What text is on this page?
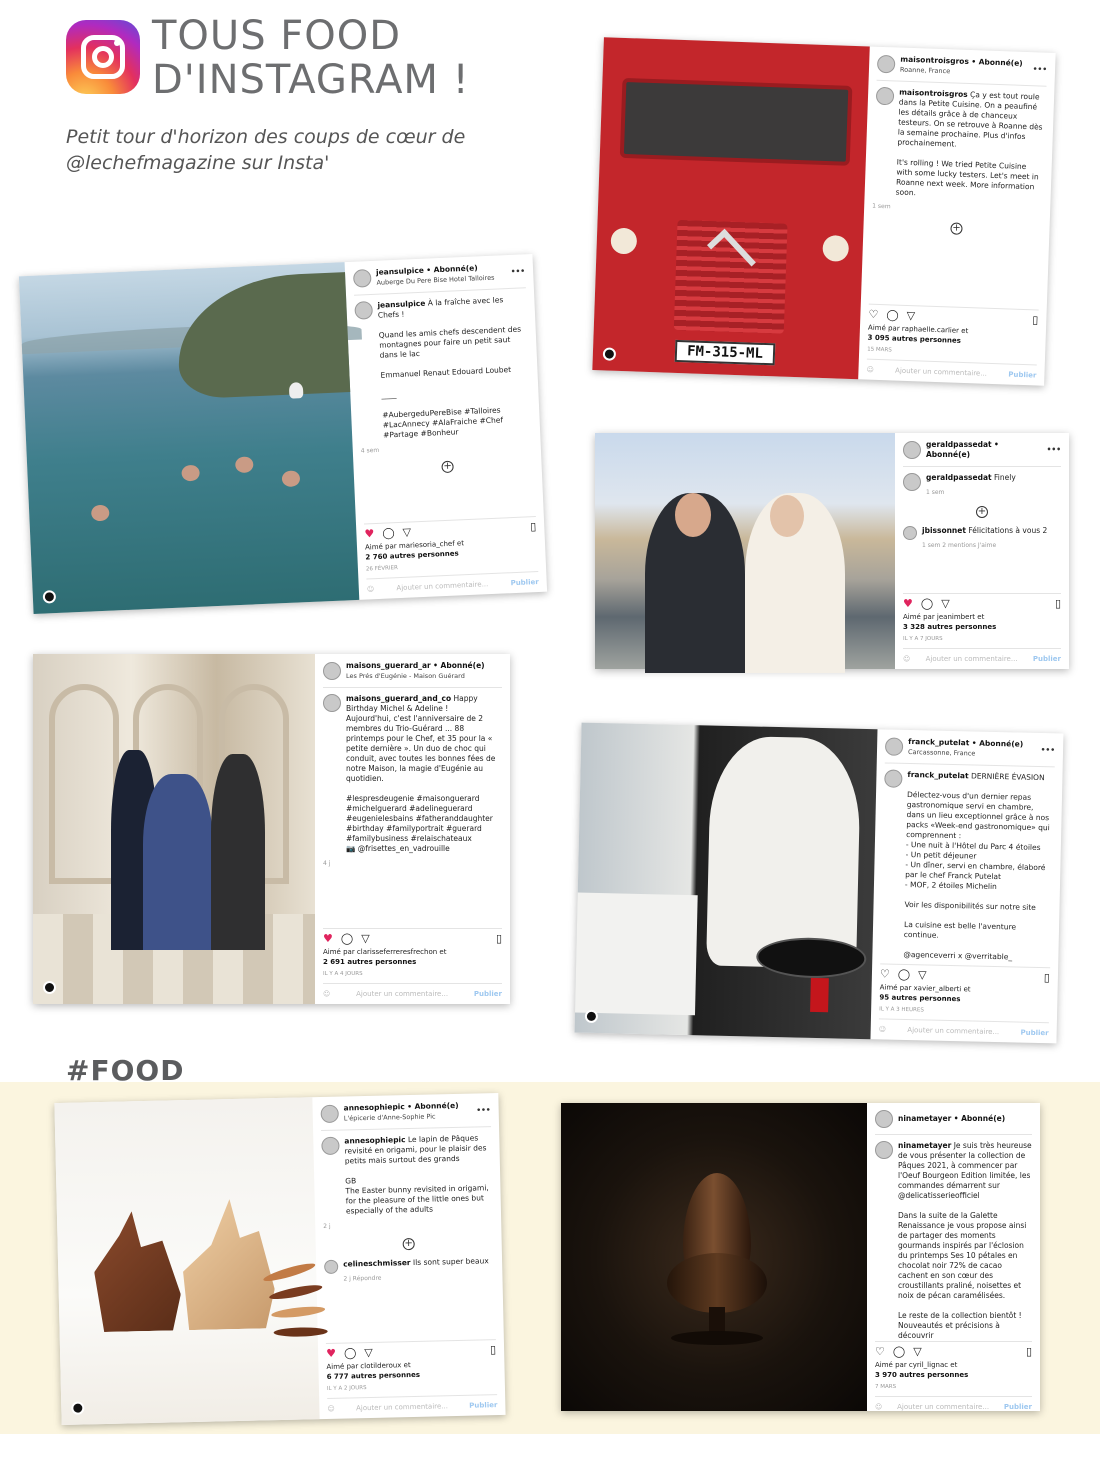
TOUS FOOD
D'INSTAGRAM !

Petit tour d'horizon des coups de cœur de @lechefmagazine sur Insta'

#FOOD
jeansulpice • Abonné(e)
Auberge Du Pere Bise Hotel Talloires
•••
jeansulpice À la fraîche avec les Chefs !

Quand les amis chefs descendent des montagnes pour faire un petit saut dans le lac

Emmanuel Renaut Edouard Loubet

____

#AubergeduPereBise #Talloires #LacAnnecy #AlaFraiche #Chef #Partage #Bonheur
4 sem
+
♥ ◯ ▽	▯
Aimé par mariesoria_chef et
2 760 autres personnes
26 FÉVRIER
☺	Ajouter un commentaire...	Publier
FM-315-ML
maisontroisgros • Abonné(e)
Roanne, France	•••
maisontroisgros Ça y est tout roule dans la Petite Cuisine. On a peaufiné les détails grâce à de chanceux testeurs. On se retrouve à Roanne dès la semaine prochaine. Plus d'infos prochainement.

It's rolling ! We tried Petite Cuisine with some lucky testers. Let's meet in Roanne next week. More information soon.
1 sem
+
♡ ◯ ▽	▯
Aimé par raphaelle.carlier et
3 095 autres personnes
15 MARS
☺	Ajouter un commentaire...	Publier
geraldpassedat • Abonné(e)
•••
geraldpassedat Finely

1 sem
+
jbissonnet Félicitations à vous 2

1 sem 2 mentions J'aime
♥ ◯ ▽	▯
Aimé par jeanimbert et
3 328 autres personnes
IL Y A 7 JOURS
☺ Ajouter un commentaire... Publier
maisons_guerard_ar • Abonné(e)
Les Prés d'Eugénie - Maison Guérard
maisons_guerard_and_co Happy Birthday Michel & Adeline !
Aujourd'hui, c'est l'anniversaire de 2 membres du Trio-Guérard ... 88 printemps pour le Chef, et 35 pour la « petite dernière ». Un duo de choc qui conduit, avec toutes les bonnes fées de notre Maison, la magie d'Eugénie au quotidien.

#lespresdeugenie #maisonguerard #michelguerard #adelineguerard #eugenielesbains #fatheranddaughter #birthday #familyportrait #guerard #familybusiness #relaischateaux
📷 @frisettes_en_vadrouille
4 j
♥ ◯ ▽	▯
Aimé par clarisseferreresfrechon et
2 691 autres personnes
IL Y A 4 JOURS
☺	Ajouter un commentaire...	Publier
franck_putelat • Abonné(e)
Carcassonne, France	•••
franck_putelat DERNIÈRE ÉVASION

Délectez-vous d'un dernier repas gastronomique servi en chambre, dans un lieu exceptionnel grâce à nos packs «Week-end gastronomique» qui comprennent :
- Une nuit à l'Hôtel du Parc 4 étoiles
- Un petit déjeuner
- Un dîner, servi en chambre, élaboré par le chef Franck Putelat
- MOF, 2 étoiles Michelin

Voir les disponibilités sur notre site

La cuisine est belle l'aventure continue.

@agenceverri x @verritable_
♡ ◯ ▽	▯
Aimé par xavier_alberti et
95 autres personnes
IL Y A 3 HEURES
☺	Ajouter un commentaire...	Publier
annesophiepic • Abonné(e)
L'épicerie d'Anne-Sophie Pic
•••
annesophiepic Le lapin de Pâques revisité en origami, pour le plaisir des petits mais surtout des grands

GB
The Easter bunny revisited in origami, for the pleasure of the little ones but especially of the adults
2 j
+
celineschmisser Ils sont super beaux

2 j Répondre
♥ ◯ ▽	▯
Aimé par clotilderoux et
6 777 autres personnes
IL Y A 2 JOURS
☺	Ajouter un commentaire...	Publier
ninametayer • Abonné(e)
ninametayer Je suis très heureuse de vous présenter la collection de Pâques 2021, à commencer par l'Oeuf Bourgeon Edition limitée, les commandes démarrent sur @delicatisserieofficiel

Dans la suite de la Galette Renaissance je vous propose ainsi de partager des moments gourmands inspirés par l'éclosion du printemps Ses 10 pétales en chocolat noir 72% de cacao cachent en son cœur des croustillants praliné, noisettes et noix de pécan caramélisées.

Le reste de la collection bientôt ! Nouveautés et précisions à découvrir
♡ ◯ ▽	▯
Aimé par cyril_lignac et
3 970 autres personnes
7 MARS
☺ Ajouter un commentaire... Publier
